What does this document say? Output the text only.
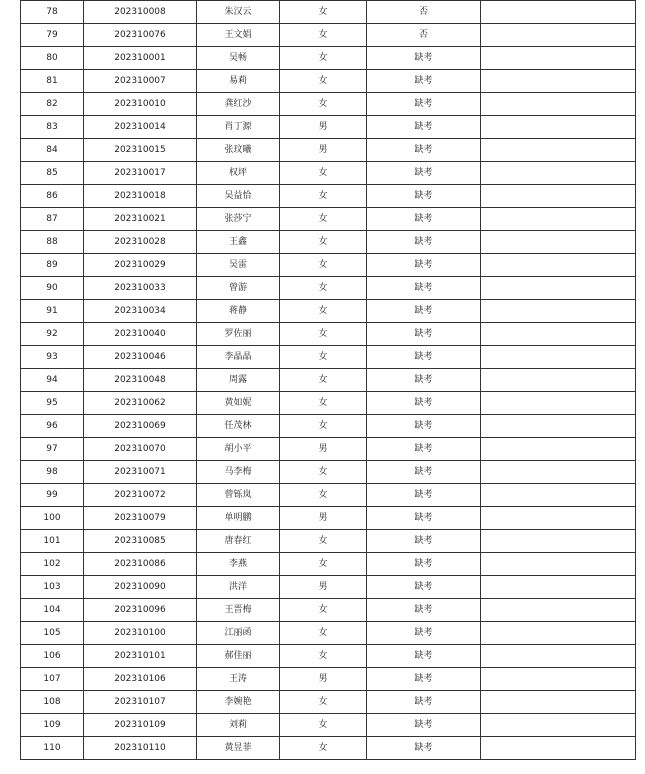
78	202310008	朱汉云	女	否	
79	202310076	王文娟	女	否	
80	202310001	吴畅	女	缺考	
81	202310007	易莉	女	缺考	
82	202310010	龚红沙	女	缺考	
83	202310014	肖丁源	男	缺考	
84	202310015	张玟曦	男	缺考	
85	202310017	权坪	女	缺考	
86	202310018	吴益恰	女	缺考	
87	202310021	张莎宁	女	缺考	
88	202310028	王鑫	女	缺考	
89	202310029	吴雷	女	缺考	
90	202310033	曾游	女	缺考	
91	202310034	蒋静	女	缺考	
92	202310040	罗佐丽	女	缺考	
93	202310046	李晶晶	女	缺考	
94	202310048	周露	女	缺考	
95	202310062	黄如妮	女	缺考	
96	202310069	任茂林	女	缺考	
97	202310070	胡小平	男	缺考	
98	202310071	马李梅	女	缺考	
99	202310072	曾铄岚	女	缺考	
100	202310079	单明鹏	男	缺考	
101	202310085	唐春红	女	缺考	
102	202310086	李燕	女	缺考	
103	202310090	洪洋	男	缺考	
104	202310096	王晋梅	女	缺考	
105	202310100	江丽函	女	缺考	
106	202310101	郝佳丽	女	缺考	
107	202310106	王涛	男	缺考	
108	202310107	李婉艳	女	缺考	
109	202310109	刘莉	女	缺考	
110	202310110	黄昱菲	女	缺考	
